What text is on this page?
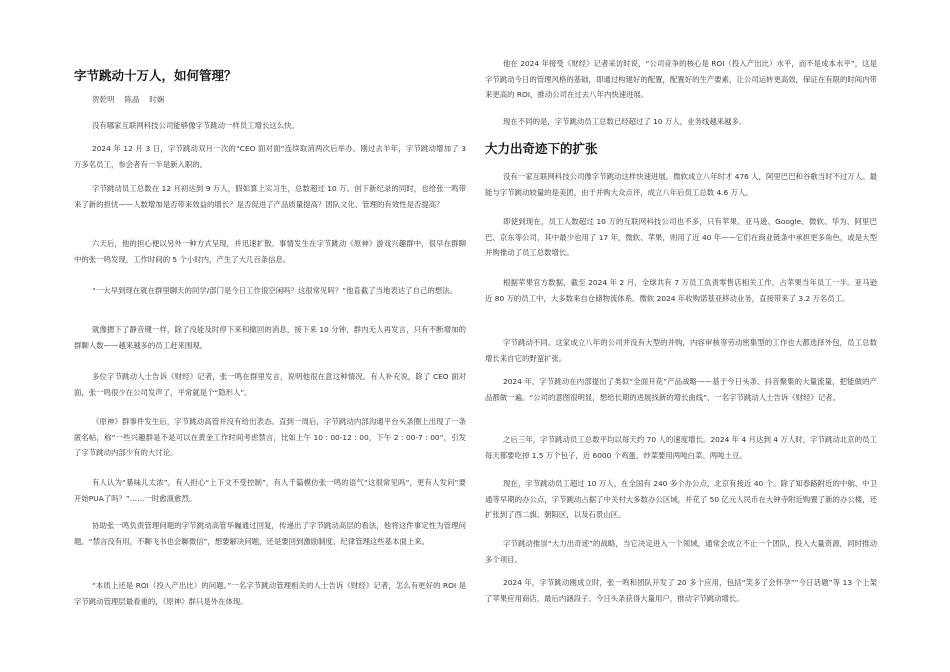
字节跳动十万人，如何管理？

贺乾明    陈晶    时娴

没有哪家互联网科技公司能够像字节跳动一样员工增长这么快。

2024 年 12 月 3 日，字节跳动双月一次的“CEO 面对面”连续取消两次后举办。刚过去半年，字节跳动增加了 3 万多名员工，参会者有一半是新入职的。

字节跳动员工总数在 12 月初达到 9 万人，假如算上实习生，总数超过 10 万。创下新纪录的同时，也给张一鸣带来了新的担忧——人数增加是否带来效益的增长？是否促进了产品质量提高？团队文化、管理的有效性是否提高？

六天后，他的担心便以另外一种方式呈现，并迅速扩散。事情发生在字节跳动《原神》游戏兴趣群中，很早在群聊中的张一鸣发现，工作时间的 5 个小时内，产生了大几百条信息。

“一大早到现在就在群里聊天的同学/部门是今日工作很空闲吗？这很常见吗？”他直截了当地表达了自己的想法。

就像摁下了静音键一样，除了没能及时停下来和撤回的消息，接下来 10 分钟，群内无人再发言，只有不断增加的群聊人数——越来越多的员工赶来围观。

多位字节跳动人士告诉《财经》记者，张一鸣在群里发言，说明他很在意这种情况。有人补充说，除了 CEO 面对面，张一鸣很少在公司发声了，平常就是个“隐形人”。

《原神》群事件发生后，字节跳动高管并没有给出表态。直到一周后，字节跳动内部沟通平台头条圈上出现了一条匿名帖，称“一些兴趣群是不是可以在黄金工作时间考虑禁言，比如上午 10 : 00-12 : 00，下午 2 : 00-7 : 00”，引发了字节跳动内部少有的大讨论。

有人认为“暴味儿太浓”，有人担心“上下文不受控制”，有人千篇模仿张一鸣的语气“这很常见吗”，更有人发问“要开始PUA了吗？”……一时愈演愈烈。

协助张一鸣负责管理问题的字节跳动高管华巍通过回复，传递出了字节跳动高层的看法，他将这件事定性为管理问题。“禁言没有用，不聊飞书也会聊微信”，想要解决问题，还是要回到激励制度、纪律管理这些基本面上来。

“本质上还是 ROI（投入产出比）的问题。”一名字节跳动管理相关的人士告诉《财经》记者，怎么有更好的 ROI 是字节跳动管理层最看重的，《原神》群只是外在体现。

他在 2024 年接受《财经》记者采访时说，“公司竞争的核心是 ROI（投入产出比）水平，而不是成本水平”，这是字节跳动今日的管理风格的基础，即通过构建好的配置，配置好的生产要素，让公司运转更高效，保证在有限的时间内带来更高的 ROI，推动公司在过去八年内快速进展。

现在不同的是，字节跳动员工总数已经超过了 10 万人，业务线越来越多。

大力出奇迹下的扩张

没有一家互联网科技公司像字节跳动这样快速进展。微软成立八年时才 476 人，阿里巴巴和谷歌当时不过万人。最能与字节跳动较量的是美团，由于并购大众点评，成立八年后员工总数 4.6 万人。

即使到现在，员工人数超过 10 万的互联网科技公司也不多，只有苹果、亚马逊、Google、微软、华为、阿里巴巴、京东等公司，其中最少也用了 17 年，微软、苹果，则用了近 40 年——它们在商业链条中承担更多角色，或是大型并购推动了员工总数增长。

根据苹果官方数据，截至 2024 年 2 月，全球共有 7 万员工负责零售店相关工作，占苹果当年员工一半。亚马逊近 80 万的员工中，大多数来自仓储物流体系。微软 2024 年收购诺基亚移动业务，直接带来了 3.2 万名员工。

字节跳动不同。这家成立八年的公司并没有大型的并购，内容审核等劳动密集型的工作也大都选择外包，员工总数增长来自它的野蛮扩张。

2024 年，字节跳动在内部提出了类似“全面开花”产品战略——基于今日头条、抖音聚集的大量流量，把能做的产品都做一遍。“公司的意图很明显，想给长期的进展找新的增长曲线”，一名字节跳动人士告诉《财经》记者。

之后三年，字节跳动员工总数平均以每天约 70 人的速度增长。2024 年 4 月达到 4 万人时，字节跳动北京的员工每天都要吃掉 1.5 万个包子，近 6000 个鸡蛋，炒菜要用两吨白菜、两吨土豆。

现在，字节跳动员工超过 10 万人，在全国有 240 多个办公点，北京有接近 40 个。除了知春路附近的中航、中卫通等早期的办公点，字节跳动占据了中关村大多数办公区域，并花了 50 亿元人民币在大钟寺附近购置了新的办公楼，还扩张到了西二旗、朝阳区，以及石景山区。

字节跳动推崇“大力出奇迹”的战略，当它决定进入一个领域，通常会成立不止一个团队，投入大量资源，同时推动多个项目。

2024 年，字节跳动刚成立时，张一鸣和团队开发了 20 多个应用，包括“笑多了会怀孕”“今日话题”等 13 个上架了苹果应用商店，最后内涵段子、今日头条获得大量用户，推动字节跳动增长。
